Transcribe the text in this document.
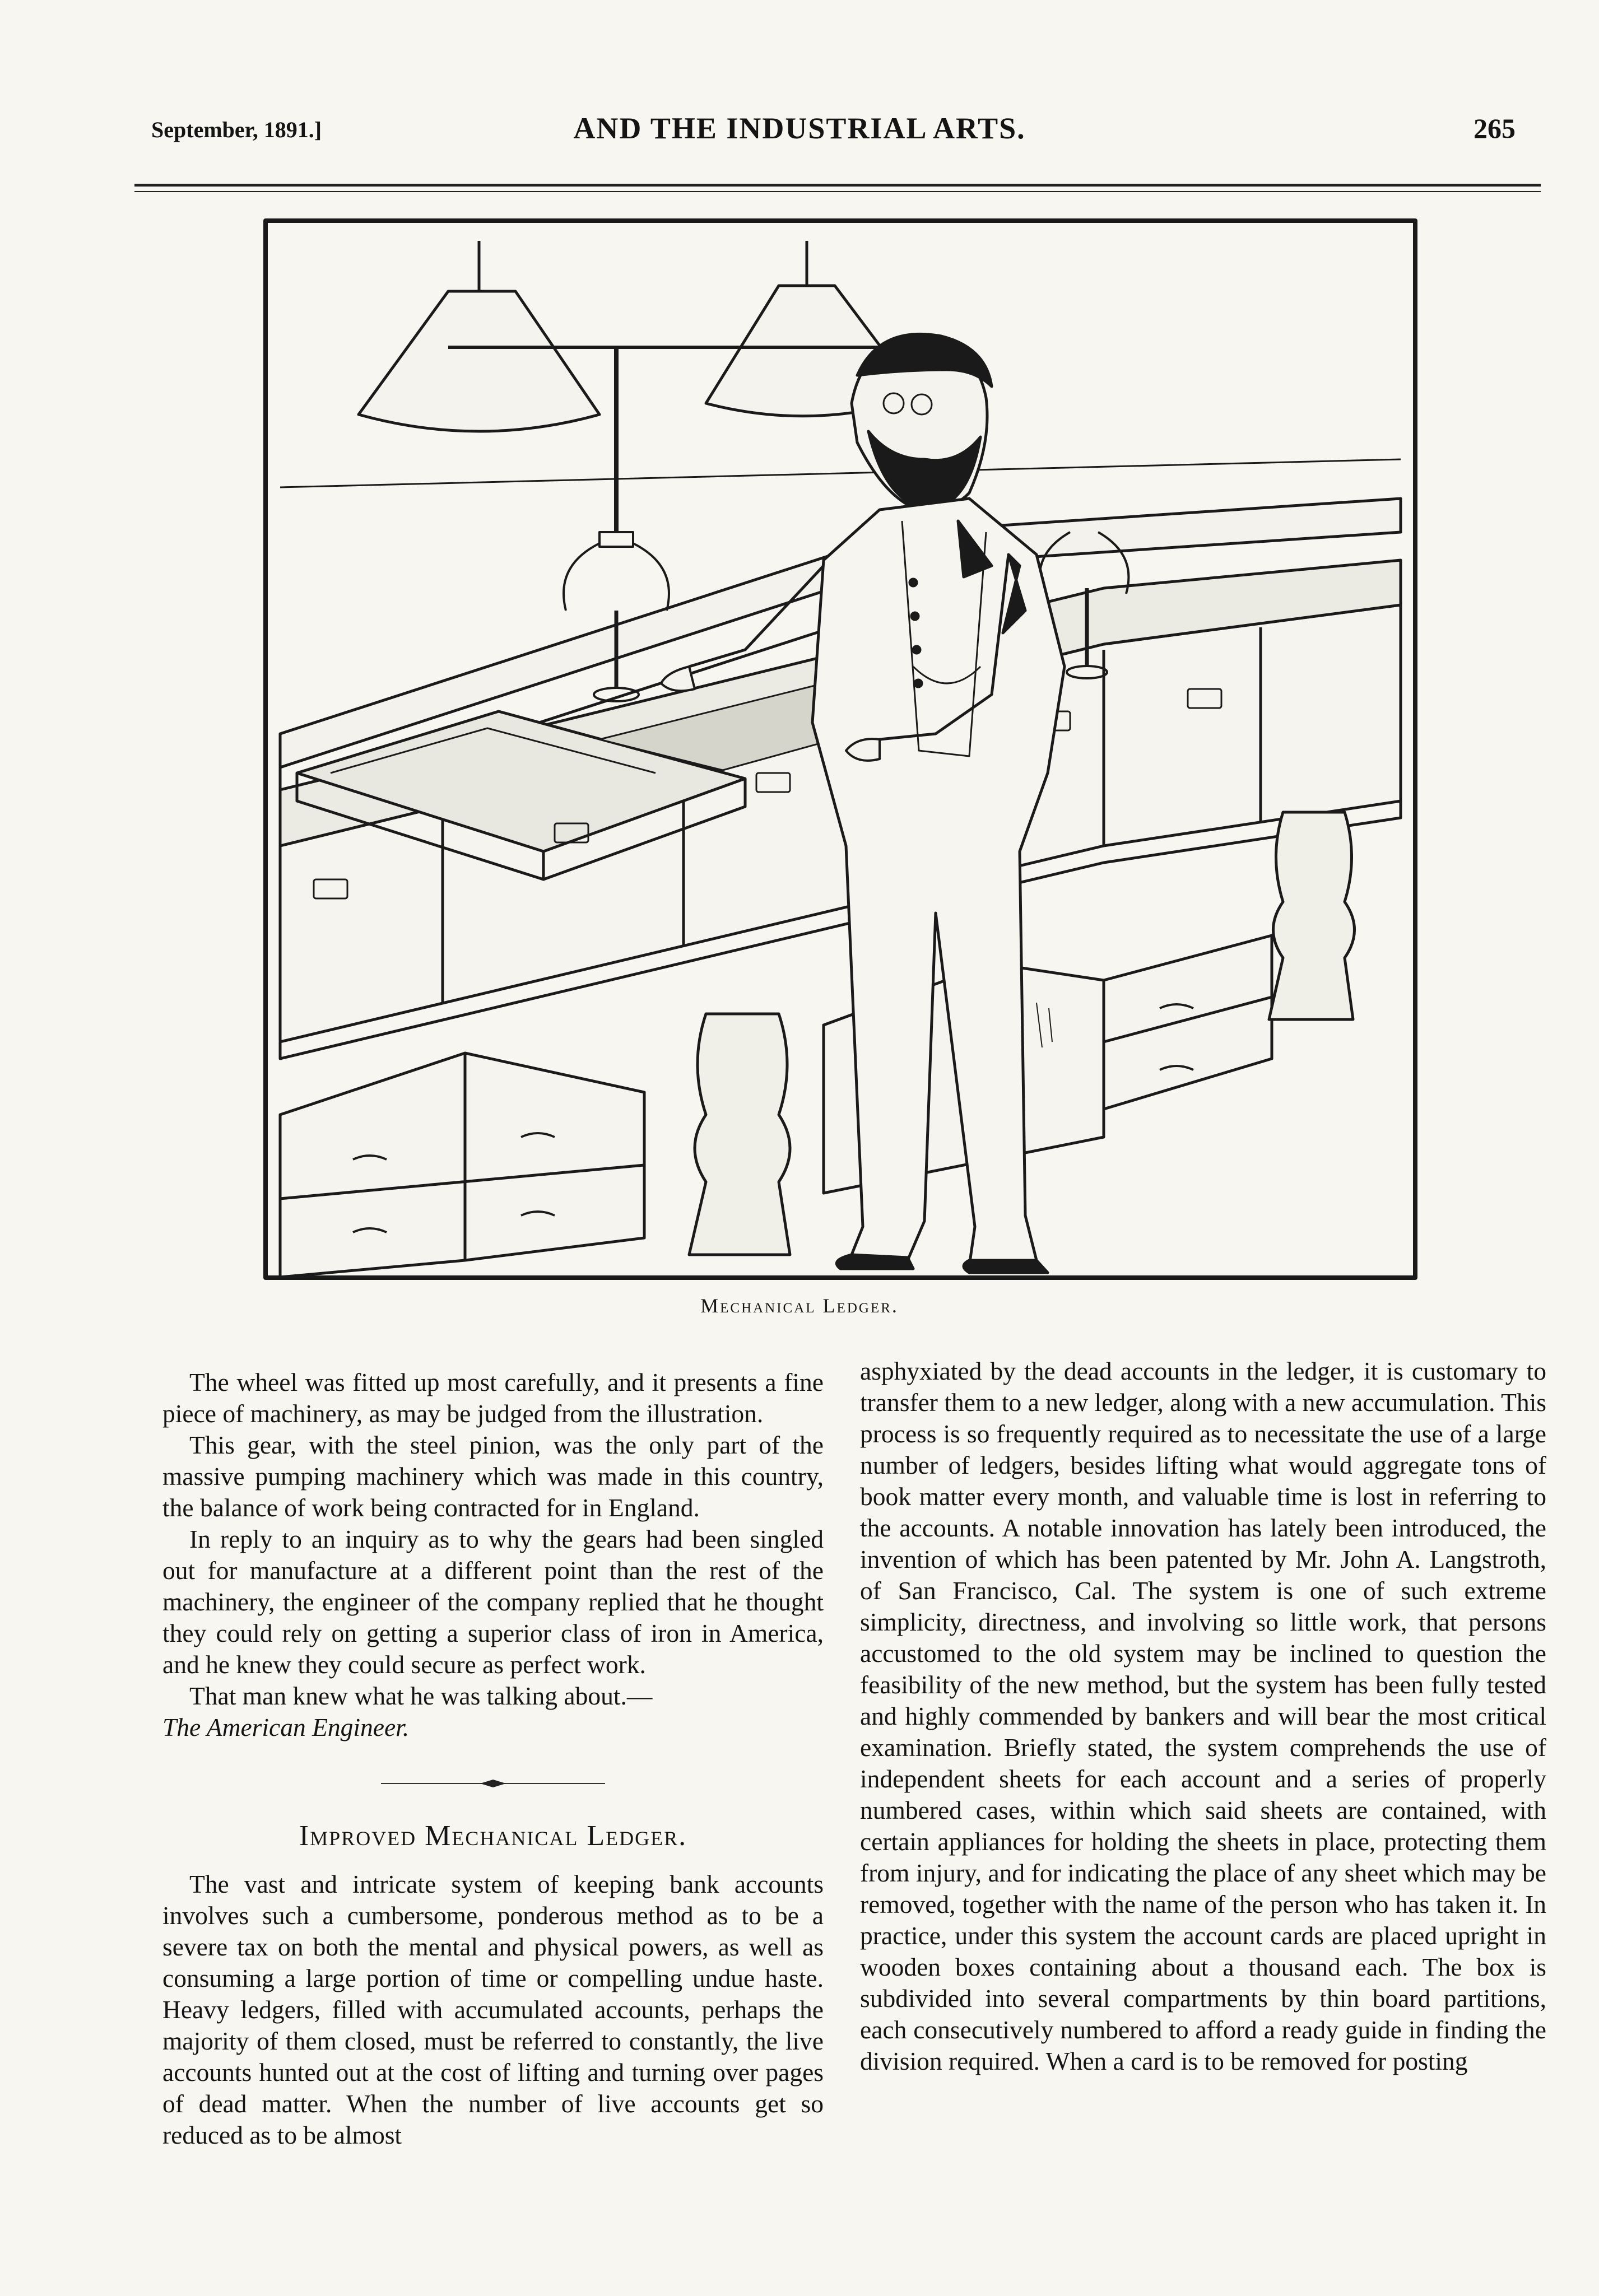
September, 1891.]	AND THE INDUSTRIAL ARTS.	265
Mechanical Ledger.

The wheel was fitted up most carefully, and it presents a fine piece of machinery, as may be judged from the illustration.

This gear, with the steel pinion, was the only part of the massive pumping machinery which was made in this country, the balance of work being contracted for in England.

In reply to an inquiry as to why the gears had been singled out for manufacture at a different point than the rest of the machinery, the engineer of the company replied that he thought they could rely on getting a superior class of iron in America, and he knew they could secure as perfect work.

That man knew what he was talking about.—
The American Engineer.

Improved Mechanical Ledger.

The vast and intricate system of keeping bank accounts involves such a cumbersome, ponderous method as to be a severe tax on both the mental and physical powers, as well as consuming a large portion of time or compelling undue haste. Heavy ledgers, filled with accumulated accounts, perhaps the majority of them closed, must be referred to constantly, the live accounts hunted out at the cost of lifting and turning over pages of dead matter. When the number of live accounts get so reduced as to be almost

asphyxiated by the dead accounts in the ledger, it is customary to transfer them to a new ledger, along with a new accumulation. This process is so frequently required as to necessitate the use of a large number of ledgers, besides lifting what would aggregate tons of book matter every month, and valuable time is lost in referring to the accounts. A notable innovation has lately been introduced, the invention of which has been patented by Mr. John A. Langstroth, of San Francisco, Cal. The system is one of such extreme simplicity, directness, and involving so little work, that persons accustomed to the old system may be inclined to question the feasibility of the new method, but the system has been fully tested and highly commended by bankers and will bear the most critical examination. Briefly stated, the system comprehends the use of independent sheets for each account and a series of properly numbered cases, within which said sheets are contained, with certain appliances for holding the sheets in place, protecting them from injury, and for indicating the place of any sheet which may be removed, together with the name of the person who has taken it. In practice, under this system the account cards are placed upright in wooden boxes containing about a thousand each. The box is subdivided into several compartments by thin board partitions, each consecutively numbered to afford a ready guide in finding the division required. When a card is to be removed for posting
